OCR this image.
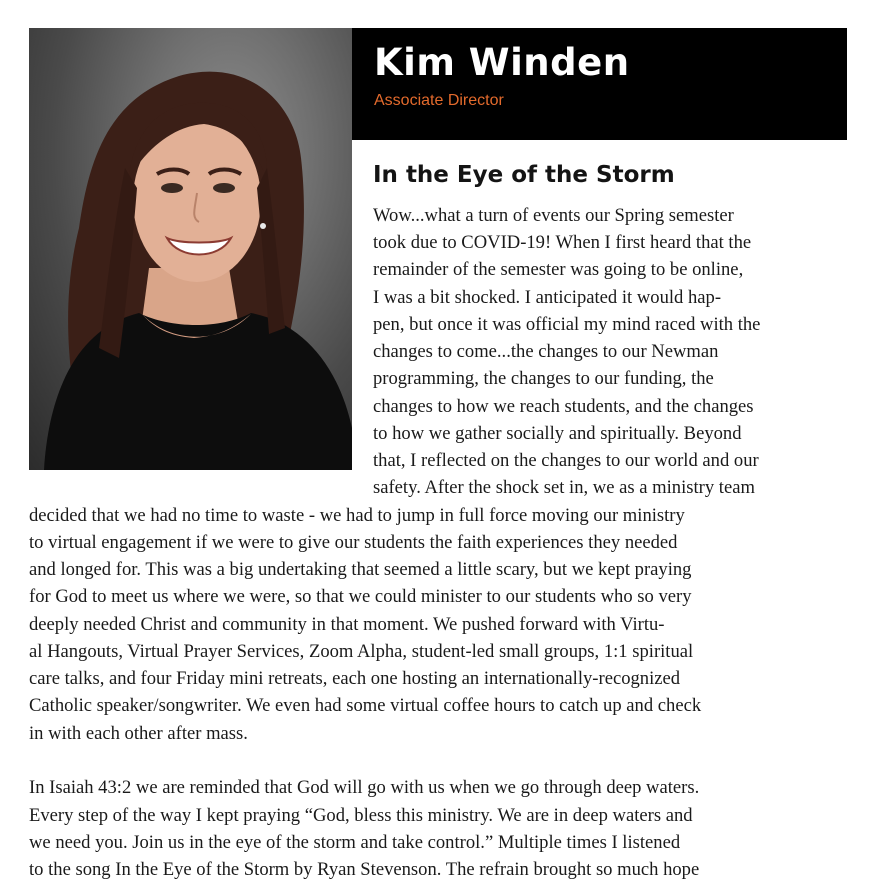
Kim Winden
Associate Director
In the Eye of the Storm
Wow...what a turn of events our Spring semester
took due to COVID-19! When I first heard that the
remainder of the semester was going to be online,
I was a bit shocked. I anticipated it would hap-
pen, but once it was official my mind raced with the
changes to come...the changes to our Newman
programming, the changes to our funding, the
changes to how we reach students, and the changes
to how we gather socially and spiritually. Beyond
that, I reflected on the changes to our world and our
safety. After the shock set in, we as a ministry team
decided that we had no time to waste - we had to jump in full force moving our ministry
to virtual engagement if we were to give our students the faith experiences they needed
and longed for. This was a big undertaking that seemed a little scary, but we kept praying
for God to meet us where we were, so that we could minister to our students who so very
deeply needed Christ and community in that moment. We pushed forward with Virtu-
al Hangouts, Virtual Prayer Services, Zoom Alpha, student-led small groups, 1:1 spiritual
care talks, and four Friday mini retreats, each one hosting an internationally-recognized
Catholic speaker/songwriter. We even had some virtual coffee hours to catch up and check
in with each other after mass.
In Isaiah 43:2 we are reminded that God will go with us when we go through deep waters.
Every step of the way I kept praying “God, bless this ministry. We are in deep waters and
we need you. Join us in the eye of the storm and take control.” Multiple times I listened
to the song In the Eye of the Storm by Ryan Stevenson. The refrain brought so much hope
